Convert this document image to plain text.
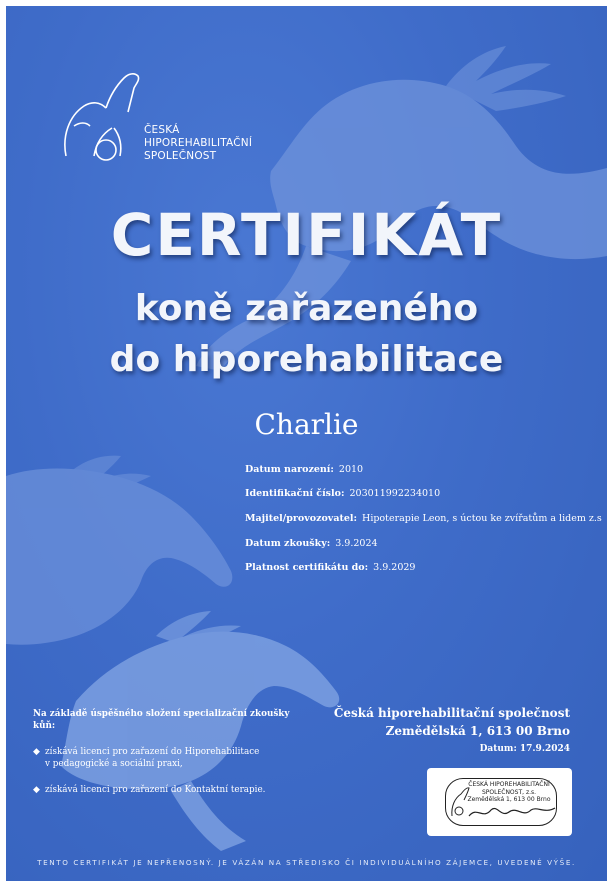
ČESKÁ
HIPOREHABILITAČNÍ
SPOLEČNOST
CERTIFIKÁT
koně zařazeného
do hiporehabilitace
Charlie
Datum narození: 2010
Identifikační číslo: 203011992234010
Majitel/provozovatel: Hipoterapie Leon, s úctou ke zvířatům a lidem z.s
Datum zkoušky: 3.9.2024
Platnost certifikátu do: 3.9.2029
Na základě úspěšného složení specializační zkoušky kůň:
◆ získává licenci pro zařazení do Hiporehabilitace
v pedagogické a sociální praxi,
◆ získává licenci pro zařazení do Kontaktní terapie.
Česká hiporehabilitační společnost
Zemědělská 1, 613 00 Brno
Datum: 17.9.2024
ČESKÁ HIPOREHABILITAČNÍ
SPOLEČNOST, z.s.
Zemědělská 1, 613 00 Brno
TENTO CERTIFIKÁT JE NEPŘENOSNÝ. JE VÁZÁN NA STŘEDISKO ČI INDIVIDUÁLNÍHO ZÁJEMCE, UVEDENÉ VÝŠE.
